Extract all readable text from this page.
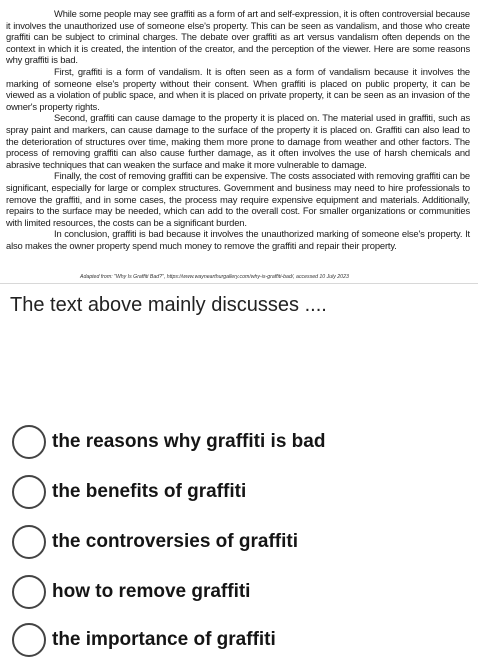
While some people may see graffiti as a form of art and self-expression, it is often controversial because it involves the unauthorized use of someone else's property. This can be seen as vandalism, and those who create graffiti can be subject to criminal charges. The debate over graffiti as art versus vandalism often depends on the context in which it is created, the intention of the creator, and the perception of the viewer. Here are some reasons why graffiti is bad.

First, graffiti is a form of vandalism. It is often seen as a form of vandalism because it involves the marking of someone else's property without their consent. When graffiti is placed on public property, it can be viewed as a violation of public space, and when it is placed on private property, it can be seen as an invasion of the owner's property rights.

Second, graffiti can cause damage to the property it is placed on. The material used in graffiti, such as spray paint and markers, can cause damage to the surface of the property it is placed on. Graffiti can also lead to the deterioration of structures over time, making them more prone to damage from weather and other factors. The process of removing graffiti can also cause further damage, as it often involves the use of harsh chemicals and abrasive techniques that can weaken the surface and make it more vulnerable to damage.

Finally, the cost of removing graffiti can be expensive. The costs associated with removing graffiti can be significant, especially for large or complex structures. Government and business may need to hire professionals to remove the graffiti, and in some cases, the process may require expensive equipment and materials. Additionally, repairs to the surface may be needed, which can add to the overall cost. For smaller organizations or communities with limited resources, the costs can be a significant burden.

In conclusion, graffiti is bad because it involves the unauthorized marking of someone else's property. It also makes the owner property spend much money to remove the graffiti and repair their property.

Adapted from: "Why Is Graffiti Bad?", https://www.waynearthurgallery.com/why-is-graffiti-bad/, accessed 10 July 2023
The text above mainly discusses ....
the reasons why graffiti is bad
the benefits of graffiti
the controversies of graffiti
how to remove graffiti
the importance of graffiti
